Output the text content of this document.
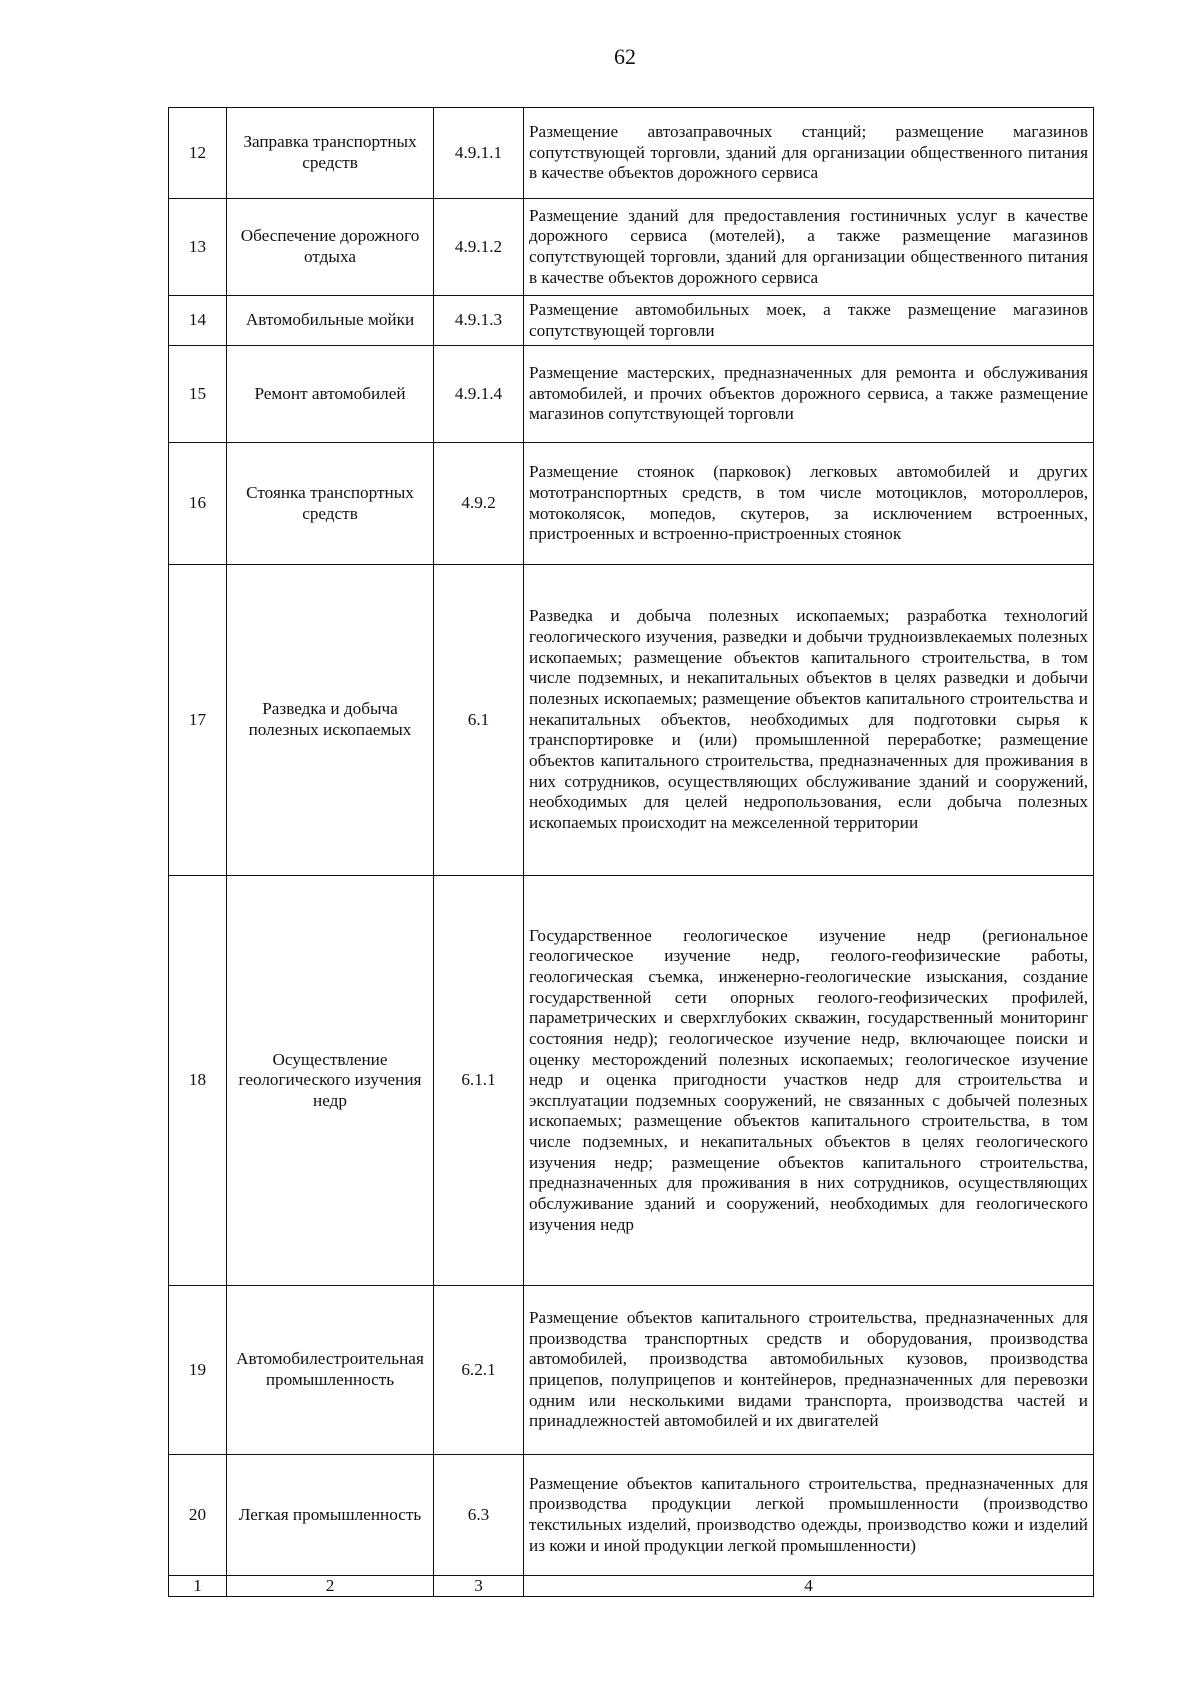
62
12	Заправка транспортных средств	4.9.1.1	Размещение автозаправочных станций; размещение магазинов сопутствующей торговли, зданий для организации общественного питания в качестве объектов дорожного сервиса
13	Обеспечение дорожного отдыха	4.9.1.2	Размещение зданий для предоставления гостиничных услуг в качестве дорожного сервиса (мотелей), а также размещение магазинов сопутствующей торговли, зданий для организации общественного питания в качестве объектов дорожного сервиса
14	Автомобильные мойки	4.9.1.3	Размещение автомобильных моек, а также размещение магазинов сопутствующей торговли
15	Ремонт автомобилей	4.9.1.4	Размещение мастерских, предназначенных для ремонта и обслуживания автомобилей, и прочих объектов дорожного сервиса, а также размещение магазинов сопутствующей торговли
16	Стоянка транспортных средств	4.9.2	Размещение стоянок (парковок) легковых автомобилей и других мототранспортных средств, в том числе мотоциклов, мотороллеров, мотоколясок, мопедов, скутеров, за исключением встроенных, пристроенных и встроенно-пристроенных стоянок
17	Разведка и добыча полезных ископаемых	6.1	Разведка и добыча полезных ископаемых; разработка технологий геологического изучения, разведки и добычи трудноизвлекаемых полезных ископаемых; размещение объектов капитального строительства, в том числе подземных, и некапитальных объектов в целях разведки и добычи полезных ископаемых; размещение объектов капитального строительства и некапитальных объектов, необходимых для подготовки сырья к транспортировке и (или) промышленной переработке; размещение объектов капитального строительства, предназначенных для проживания в них сотрудников, осуществляющих обслуживание зданий и сооружений, необходимых для целей недропользования, если добыча полезных ископаемых происходит на межселенной территории
18	Осуществление геологического изучения недр	6.1.1	Государственное геологическое изучение недр (региональное геологическое изучение недр, геолого-геофизические работы, геологическая съемка, инженерно-геологические изыскания, создание государственной сети опорных геолого-геофизических профилей, параметрических и сверхглубоких скважин, государственный мониторинг состояния недр); геологическое изучение недр, включающее поиски и оценку месторождений полезных ископаемых; геологическое изучение недр и оценка пригодности участков недр для строительства и эксплуатации подземных сооружений, не связанных с добычей полезных ископаемых; размещение объектов капитального строительства, в том числе подземных, и некапитальных объектов в целях геологического изучения недр; размещение объектов капитального строительства, предназначенных для проживания в них сотрудников, осуществляющих обслуживание зданий и сооружений, необходимых для геологического изучения недр
19	Автомобилестроительная промышленность	6.2.1	Размещение объектов капитального строительства, предназначенных для производства транспортных средств и оборудования, производства автомобилей, производства автомобильных кузовов, производства прицепов, полуприцепов и контейнеров, предназначенных для перевозки одним или несколькими видами транспорта, производства частей и принадлежностей автомобилей и их двигателей
20	Легкая промышленность	6.3	Размещение объектов капитального строительства, предназначенных для производства продукции легкой промышленности (производство текстильных изделий, производство одежды, производство кожи и изделий из кожи и иной продукции легкой промышленности)
1	2	3	4
